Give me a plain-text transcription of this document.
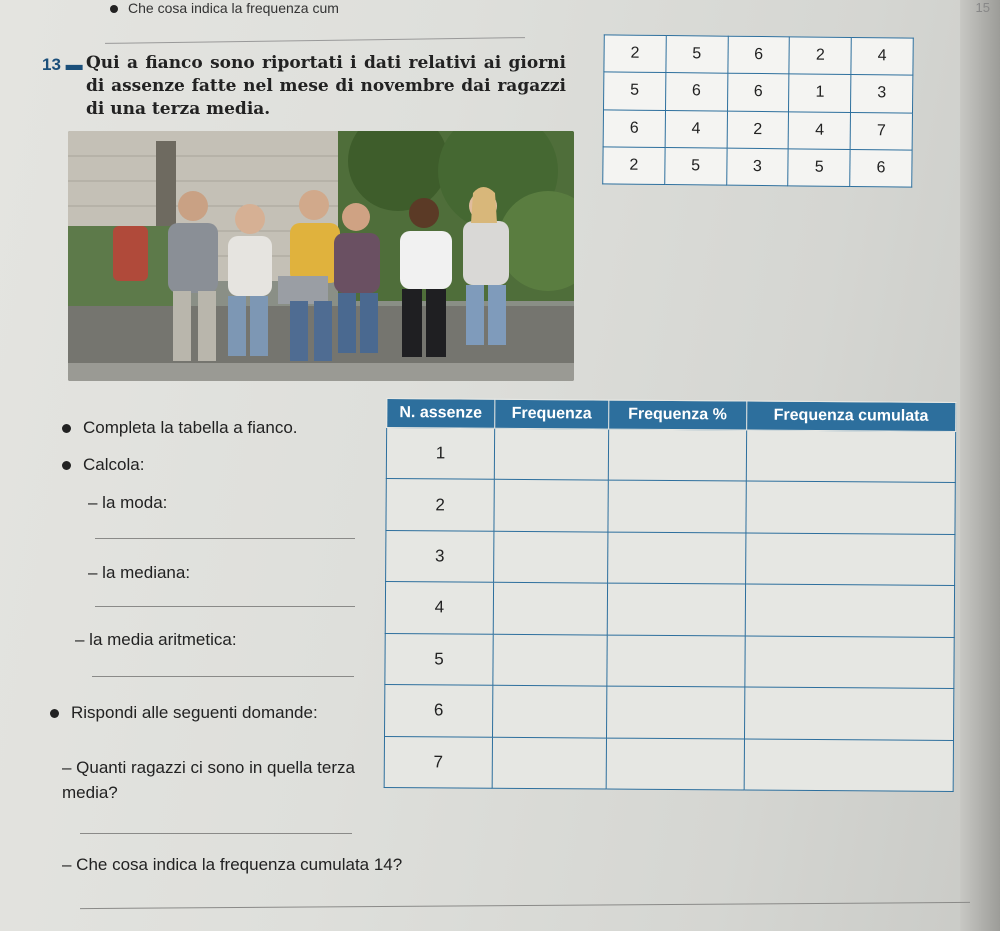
Che cosa indica la frequenza cum	15
13 ▬ Qui a fianco sono riportati i dati relativi ai giorni di assenze fatte nel mese di novembre dai ragazzi di una terza media.
2	5	6	2	4
5	6	6	1	3
6	4	2	4	7
2	5	3	5	6
Completa la tabella a fianco.
Calcola:
– la moda:
– la mediana:
– la media aritmetica:
Rispondi alle seguenti domande:
– Quanti ragazzi ci sono in quella terza media?
– Che cosa indica la frequenza cumulata 14?
N. assenze	Frequenza	Frequenza %	Frequenza cumulata
1			
2			
3			
4			
5			
6			
7			
